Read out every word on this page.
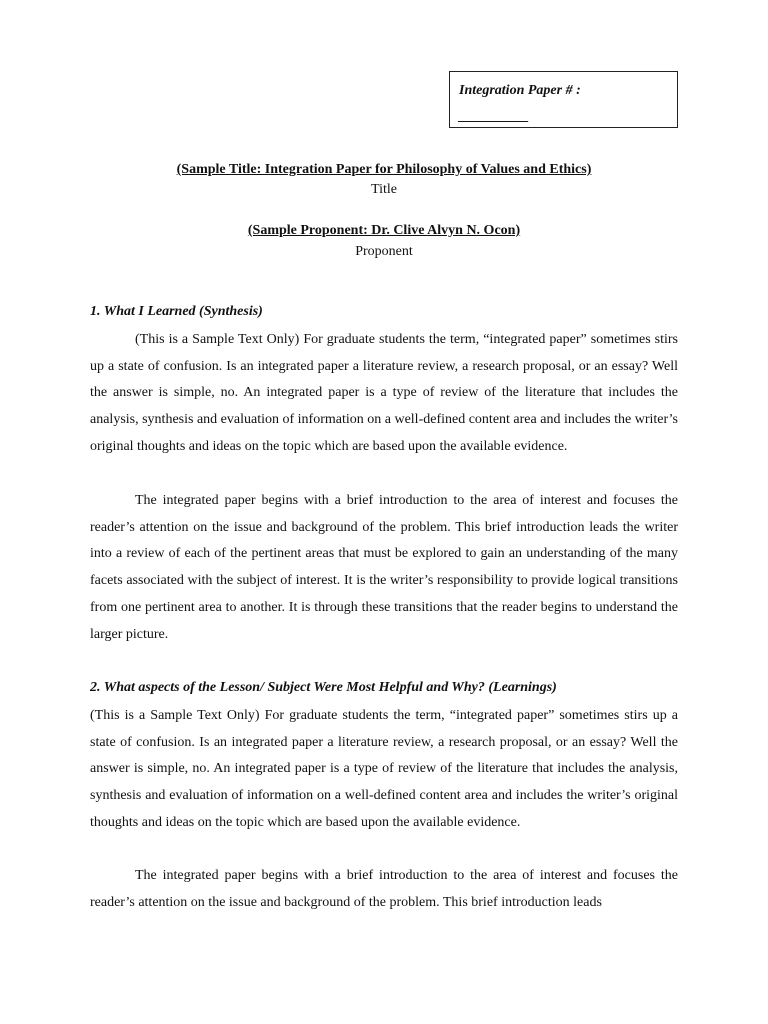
Integration Paper # :
__________
(Sample Title: Integration Paper for Philosophy of Values and Ethics)
Title
(Sample Proponent: Dr. Clive Alvyn N. Ocon)
Proponent
1. What I Learned (Synthesis)

(This is a Sample Text Only) For graduate students the term, “integrated paper” sometimes stirs up a state of confusion. Is an integrated paper a literature review, a research proposal, or an essay? Well the answer is simple, no. An integrated paper is a type of review of the literature that includes the analysis, synthesis and evaluation of information on a well-defined content area and includes the writer’s original thoughts and ideas on the topic which are based upon the available evidence.

The integrated paper begins with a brief introduction to the area of interest and focuses the reader’s attention on the issue and background of the problem. This brief introduction leads the writer into a review of each of the pertinent areas that must be explored to gain an understanding of the many facets associated with the subject of interest. It is the writer’s responsibility to provide logical transitions from one pertinent area to another. It is through these transitions that the reader begins to understand the larger picture.

2. What aspects of the Lesson/ Subject Were Most Helpful and Why? (Learnings)

(This is a Sample Text Only) For graduate students the term, “integrated paper” sometimes stirs up a state of confusion. Is an integrated paper a literature review, a research proposal, or an essay? Well the answer is simple, no. An integrated paper is a type of review of the literature that includes the analysis, synthesis and evaluation of information on a well-defined content area and includes the writer’s original thoughts and ideas on the topic which are based upon the available evidence.

The integrated paper begins with a brief introduction to the area of interest and focuses the reader’s attention on the issue and background of the problem. This brief introduction leads
